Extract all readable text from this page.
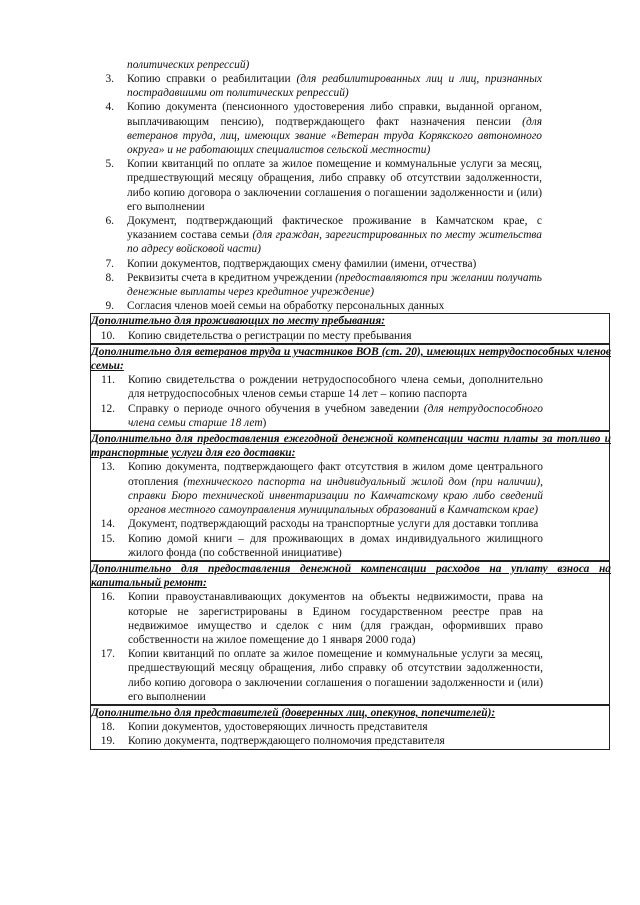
политических репрессий)
3. Копию справки о реабилитации (для реабилитированных лиц и лиц, признанных пострадавшими от политических репрессий)
4. Копию документа (пенсионного удостоверения либо справки, выданной органом, выплачивающим пенсию), подтверждающего факт назначения пенсии (для ветеранов труда, лиц, имеющих звание «Ветеран труда Корякского автономного округа» и не работающих специалистов сельской местности)
5. Копии квитанций по оплате за жилое помещение и коммунальные услуги за месяц, предшествующий месяцу обращения, либо справку об отсутствии задолженности, либо копию договора о заключении соглашения о погашении задолженности и (или) его выполнении
6. Документ, подтверждающий фактическое проживание в Камчатском крае, с указанием состава семьи (для граждан, зарегистрированных по месту жительства по адресу войсковой части)
7. Копии документов, подтверждающих смену фамилии (имени, отчества)
8. Реквизиты счета в кредитном учреждении (предоставляются при желании получать денежные выплаты через кредитное учреждение)
9. Согласия членов моей семьи на обработку персональных данных
Дополнительно для проживающих по месту пребывания:
10. Копию свидетельства о регистрации по месту пребывания
Дополнительно для ветеранов труда и участников ВОВ (ст. 20), имеющих нетрудоспособных членов семьи:
11. Копию свидетельства о рождении нетрудоспособного члена семьи, дополнительно для нетрудоспособных членов семьи старше 14 лет – копию паспорта
12. Справку о периоде очного обучения в учебном заведении (для нетрудоспособного члена семьи старше 18 лет)
Дополнительно для предоставления ежегодной денежной компенсации части платы за топливо и транспортные услуги для его доставки:
13. Копию документа, подтверждающего факт отсутствия в жилом доме центрального отопления (технического паспорта на индивидуальный жилой дом (при наличии), справки Бюро технической инвентаризации по Камчатскому краю либо сведений органов местного самоуправления муниципальных образований в Камчатском крае)
14. Документ, подтверждающий расходы на транспортные услуги для доставки топлива
15. Копию домой книги – для проживающих в домах индивидуального жилищного жилого фонда (по собственной инициативе)
Дополнительно для предоставления денежной компенсации расходов на уплату взноса на капитальный ремонт:
16. Копии правоустанавливающих документов на объекты недвижимости, права на которые не зарегистрированы в Едином государственном реестре прав на недвижимое имущество и сделок с ним (для граждан, оформивших право собственности на жилое помещение до 1 января 2000 года)
17. Копии квитанций по оплате за жилое помещение и коммунальные услуги за месяц, предшествующий месяцу обращения, либо справку об отсутствии задолженности, либо копию договора о заключении соглашения о погашении задолженности и (или) его выполнении
Дополнительно для представителей (доверенных лиц, опекунов, попечителей):
18. Копии документов, удостоверяющих личность представителя
19. Копию документа, подтверждающего полномочия представителя
